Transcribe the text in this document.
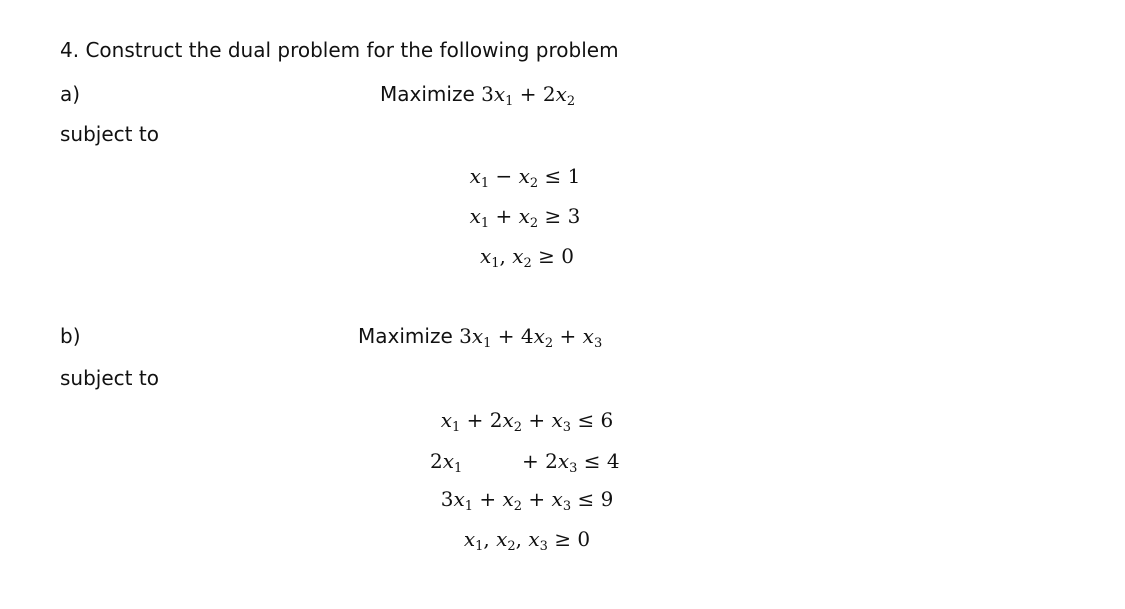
4. Construct the dual problem for the following problem
a)	Maximize $3x_1 + 2x_2$
subject to
$x_1 - x_2 \le 1$
$x_1 + x_2 \ge 3$
$x_1$, $x_2 \ge 0$
b)	Maximize $3x_1 + 4x_2 + x_3$
subject to
$x_1 + 2x_2 + x_3 \le 6$
$2x_1$	+ $2x_3 \le 4$
$3x_1 + x_2 + x_3 \le 9$
$x_1$, $x_2$, $x_3 \ge 0$
